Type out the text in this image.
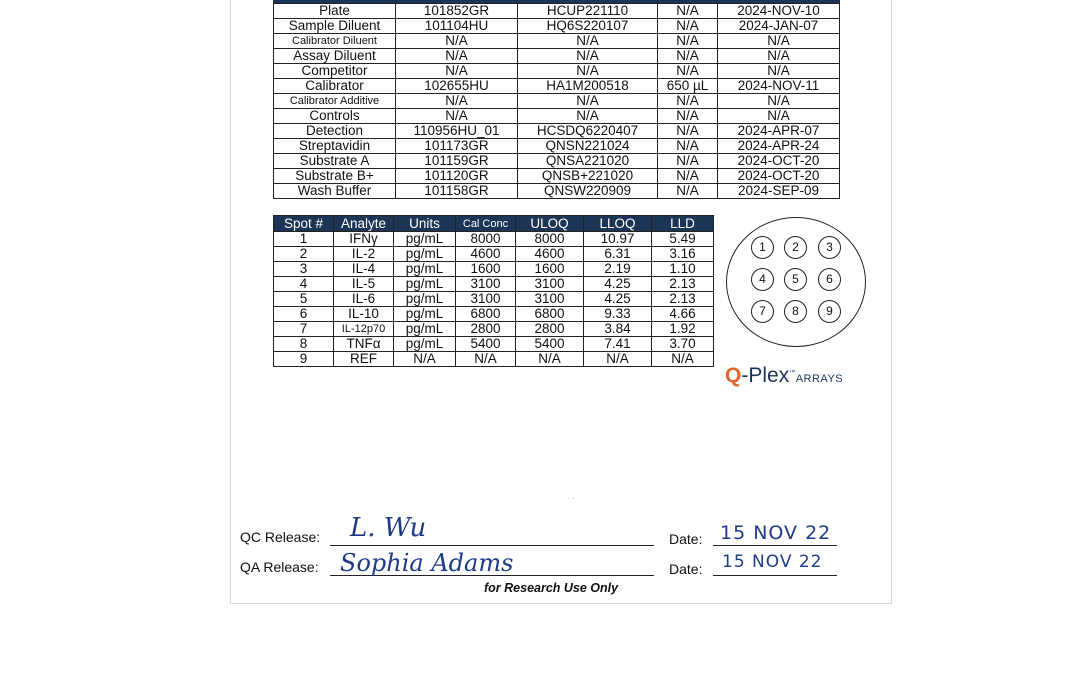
Plate	101852GR	HCUP221110	N/A	2024-NOV-10
Sample Diluent	101104HU	HQ6S220107	N/A	2024-JAN-07
Calibrator Diluent	N/A	N/A	N/A	N/A
Assay Diluent	N/A	N/A	N/A	N/A
Competitor	N/A	N/A	N/A	N/A
Calibrator	102655HU	HA1M200518	650 µL	2024-NOV-11
Calibrator Additive	N/A	N/A	N/A	N/A
Controls	N/A	N/A	N/A	N/A
Detection	110956HU_01	HCSDQ6220407	N/A	2024-APR-07
Streptavidin	101173GR	QNSN221024	N/A	2024-APR-24
Substrate A	101159GR	QNSA221020	N/A	2024-OCT-20
Substrate B+	101120GR	QNSB+221020	N/A	2024-OCT-20
Wash Buffer	101158GR	QNSW220909	N/A	2024-SEP-09
Spot #	Analyte	Units	Cal Conc	ULOQ	LLOQ	LLD
1	IFNγ	pg/mL	8000	8000	10.97	5.49
2	IL-2	pg/mL	4600	4600	6.31	3.16
3	IL-4	pg/mL	1600	1600	2.19	1.10
4	IL-5	pg/mL	3100	3100	4.25	2.13
5	IL-6	pg/mL	3100	3100	4.25	2.13
6	IL-10	pg/mL	6800	6800	9.33	4.66
7	IL-12p70	pg/mL	2800	2800	3.84	1.92
8	TNFα	pg/mL	5400	5400	7.41	3.70
9	REF	N/A	N/A	N/A	N/A	N/A
1	2	3
4	5	6
7	8	9
Q-Plex™ARRAYS
˙ ˙
QC Release: L. Wu	Date: 15 NOV 22
QA Release: Sophia Adams	Date: 15 NOV 22
for Research Use Only
